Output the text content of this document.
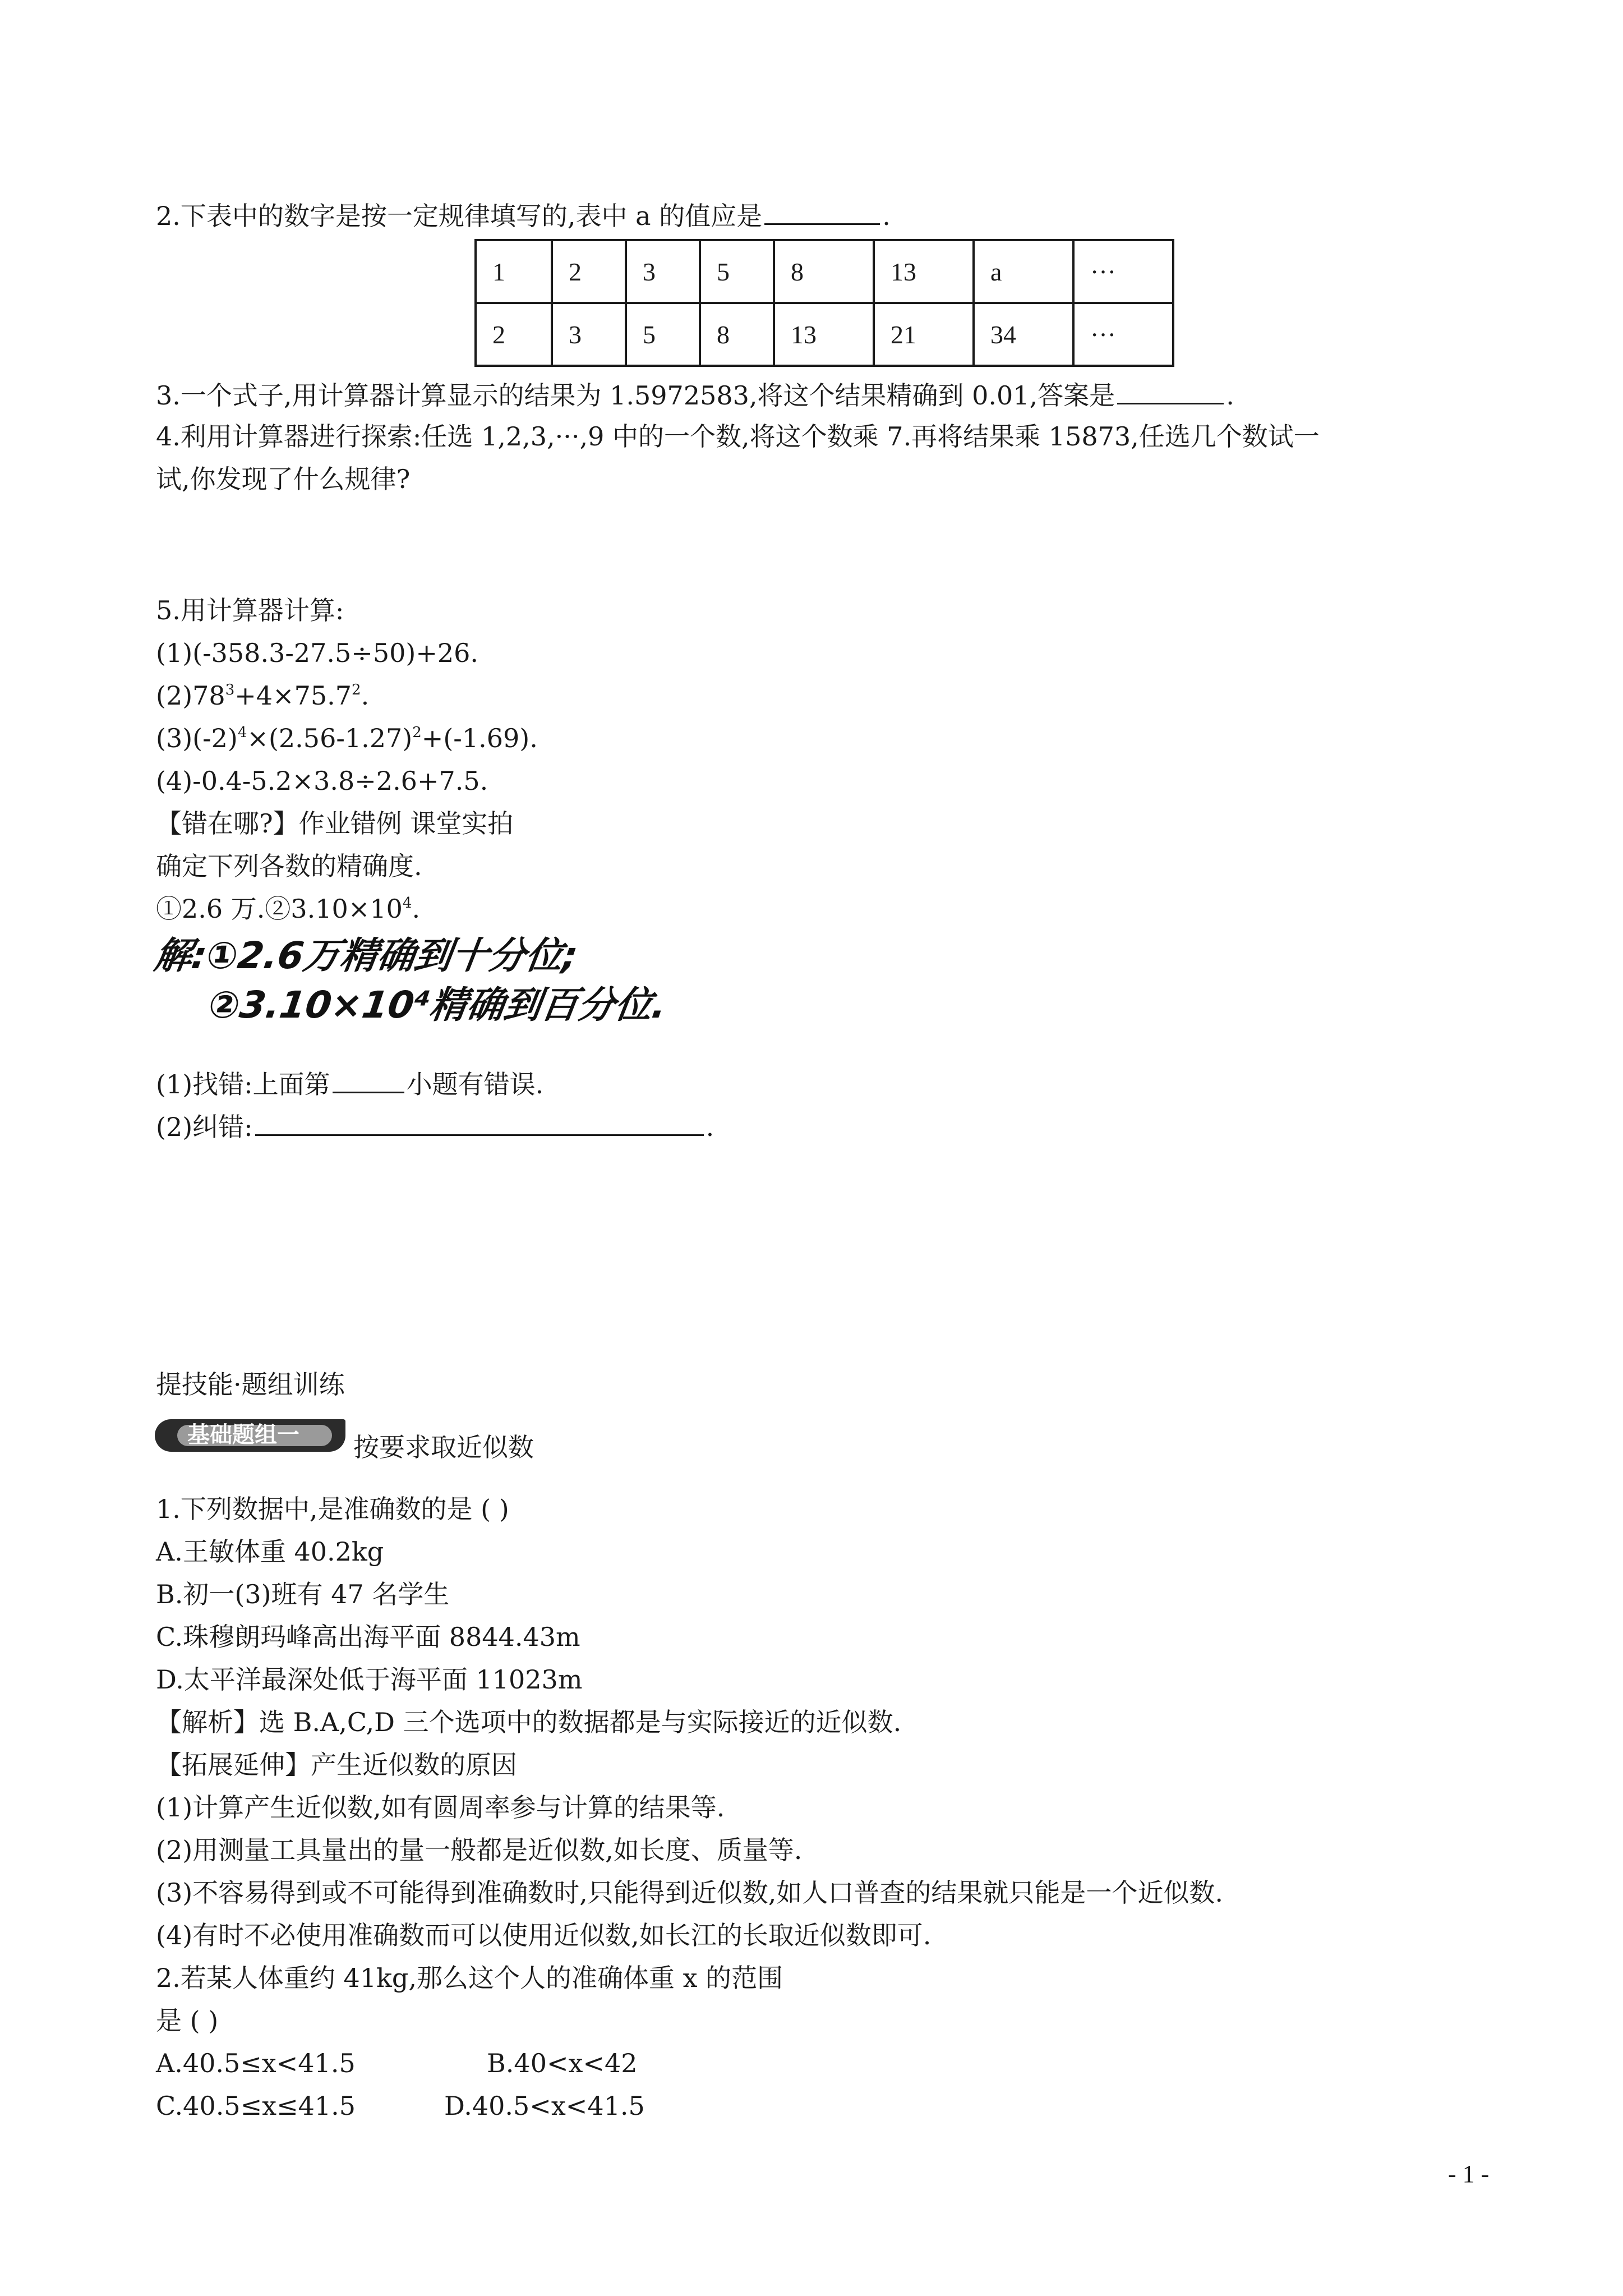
2.下表中的数字是按一定规律填写的,表中 a 的值应是	.
1	2	3	5	8	13	a	···
2	3	5	8	13	21	34	···
3.一个式子,用计算器计算显示的结果为 1.5972583,将这个结果精确到 0.01,答案是	.
4.利用计算器进行探索:任选 1,2,3,···,9 中的一个数,将这个数乘 7.再将结果乘 15873,任选几个数试一
试,你发现了什么规律?
5.用计算器计算:
(1)(-358.3-27.5÷50)+26.
$(2)78^3+4\times 75.7^2$.
$(3)(-2)^4\times(2.56-1.27)^2+(-1.69)$.
(4)-0.4-5.2×3.8÷2.6+7.5.
【错在哪?】作业错例 课堂实拍
确定下列各数的精确度.
①2.6 万$.②3.10\times 10^4$.
解:①2.6万精确到十分位;
②3.10×10⁴精确到百分位.
(1)找错:上面第	小题有错误.
(2)纠错:	.
提技能·题组训练
基础题组一 按要求取近似数
1.下列数据中,是准确数的是 ( )
A.王敏体重 40.2kg
B.初一(3)班有 47 名学生
C.珠穆朗玛峰高出海平面 8844.43m
D.太平洋最深处低于海平面 11023m
【解析】选 B.A,C,D 三个选项中的数据都是与实际接近的近似数.
【拓展延伸】产生近似数的原因
(1)计算产生近似数,如有圆周率参与计算的结果等.
(2)用测量工具量出的量一般都是近似数,如长度、质量等.
(3)不容易得到或不可能得到准确数时,只能得到近似数,如人口普查的结果就只能是一个近似数.
(4)有时不必使用准确数而可以使用近似数,如长江的长取近似数即可.
2.若某人体重约 41kg,那么这个人的准确体重 x 的范围
是 ( )
A.40.5≤x<41.5	B.40<x<42
C.40.5≤x≤41.5	D.40.5<x<41.5
- 1 -
